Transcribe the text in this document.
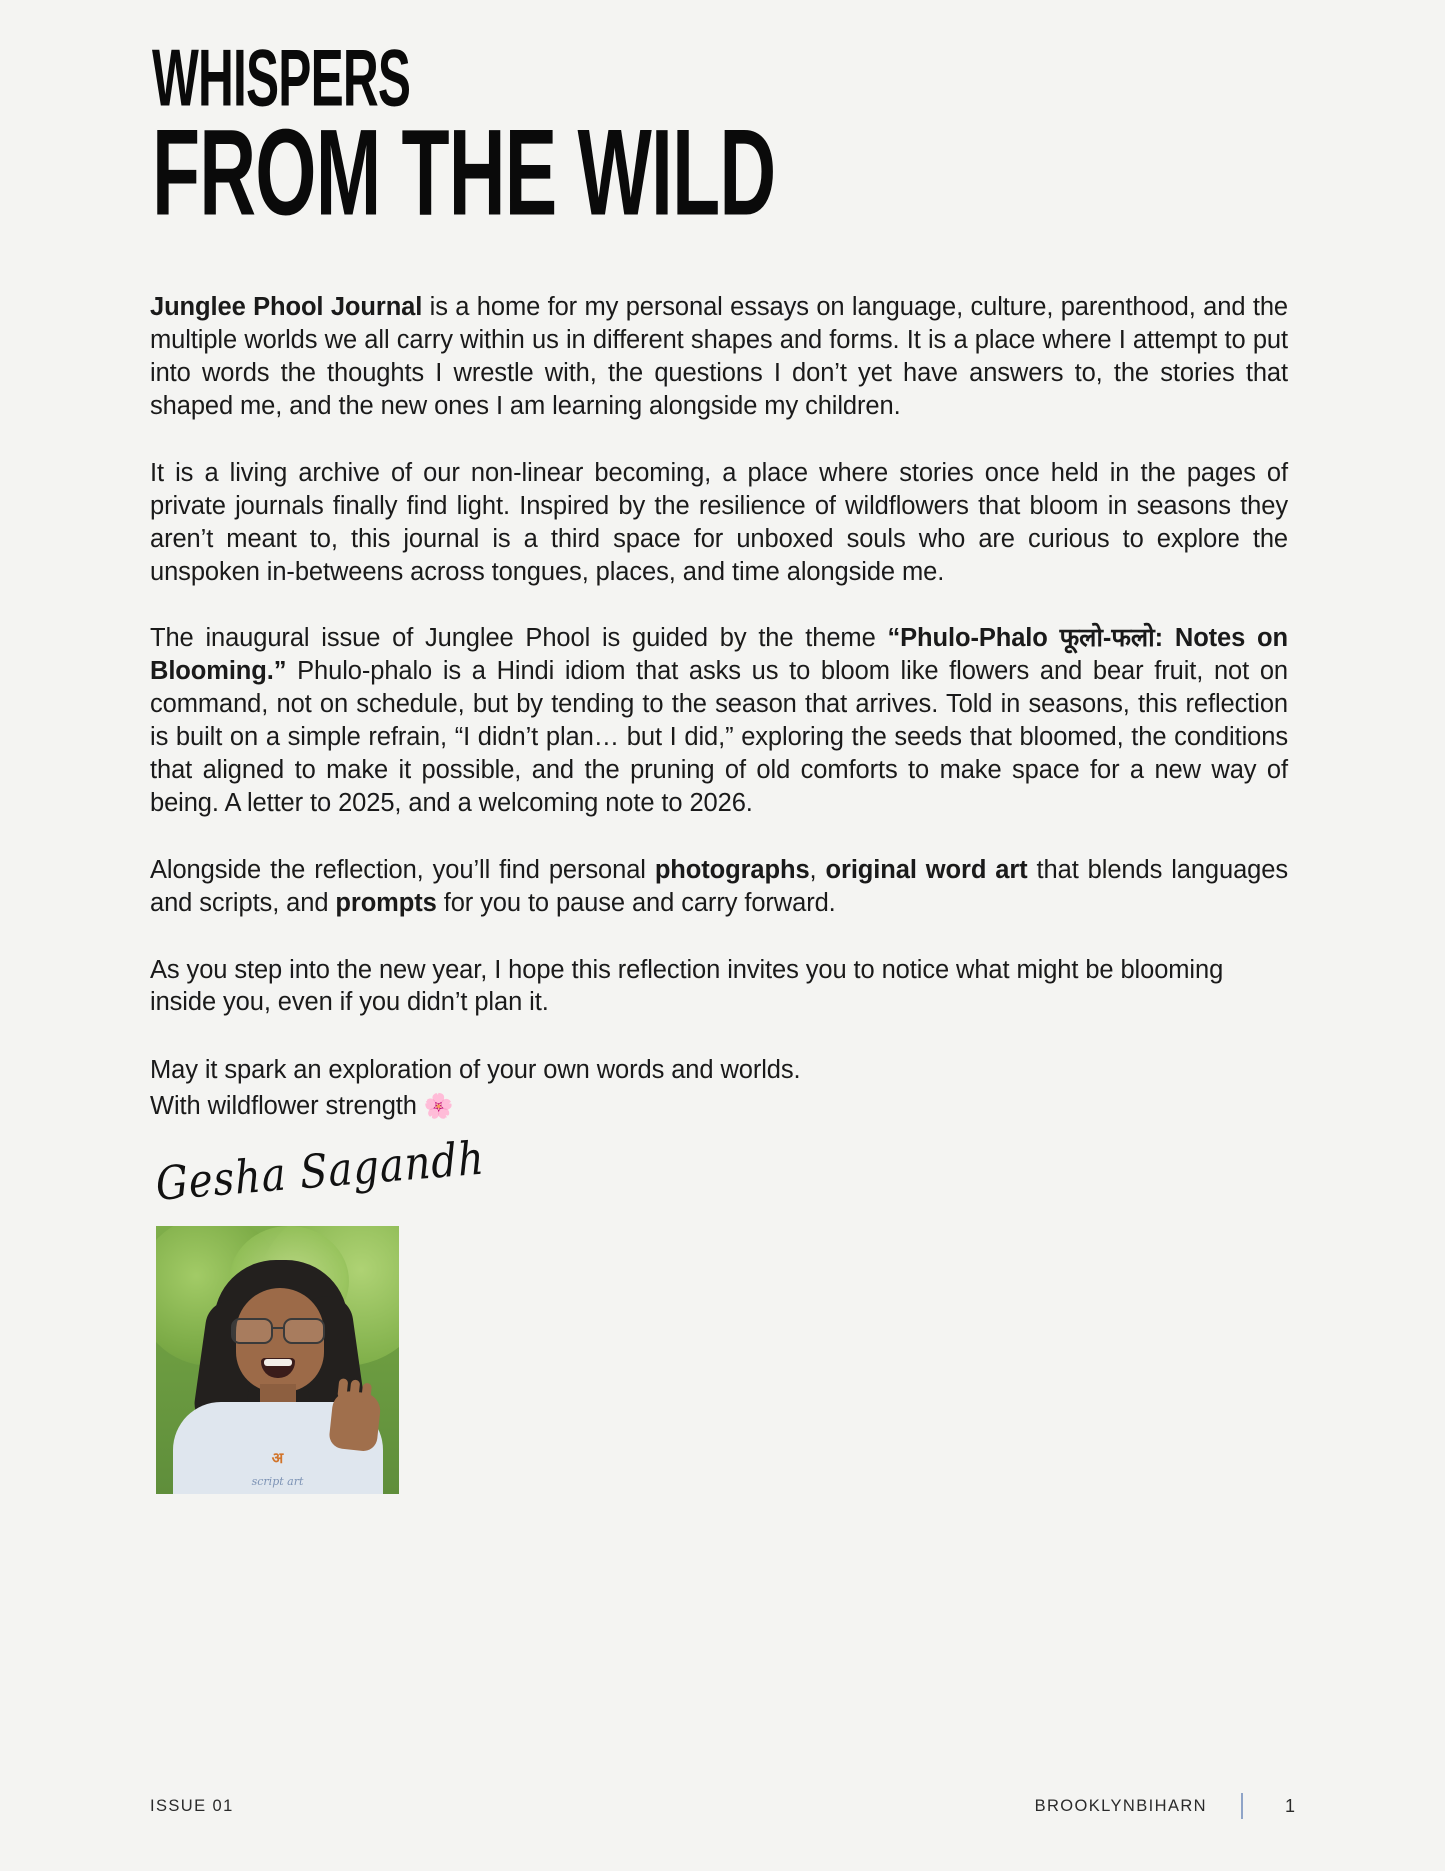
WHISPERS
FROM THE WILD

Junglee Phool Journal is a home for my personal essays on language, culture, parenthood, and the multiple worlds we all carry within us in different shapes and forms. It is a place where I attempt to put into words the thoughts I wrestle with, the questions I don’t yet have answers to, the stories that shaped me, and the new ones I am learning alongside my children.

It is a living archive of our non-linear becoming, a place where stories once held in the pages of private journals finally find light. Inspired by the resilience of wildflowers that bloom in seasons they aren’t meant to, this journal is a third space for unboxed souls who are curious to explore the unspoken in-betweens across tongues, places, and time alongside me.

The inaugural issue of Junglee Phool is guided by the theme “Phulo-Phalo फूलो-फलो: Notes on Blooming.” Phulo-phalo is a Hindi idiom that asks us to bloom like flowers and bear fruit, not on command, not on schedule, but by tending to the season that arrives. Told in seasons, this reflection is built on a simple refrain, “I didn’t plan… but I did,” exploring the seeds that bloomed, the conditions that aligned to make it possible, and the pruning of old comforts to make space for a new way of being. A letter to 2025, and a welcoming note to 2026.

Alongside the reflection, you’ll find personal photographs, original word art that blends languages and scripts, and prompts for you to pause and carry forward.

As you step into the new year, I hope this reflection invites you to notice what might be blooming inside you, even if you didn’t plan it.

May it spark an exploration of your own words and worlds.
With wildflower strength 🌸

Gesha Sagandh
अ
script art
ISSUE 01	BROOKLYNBIHARN	1
